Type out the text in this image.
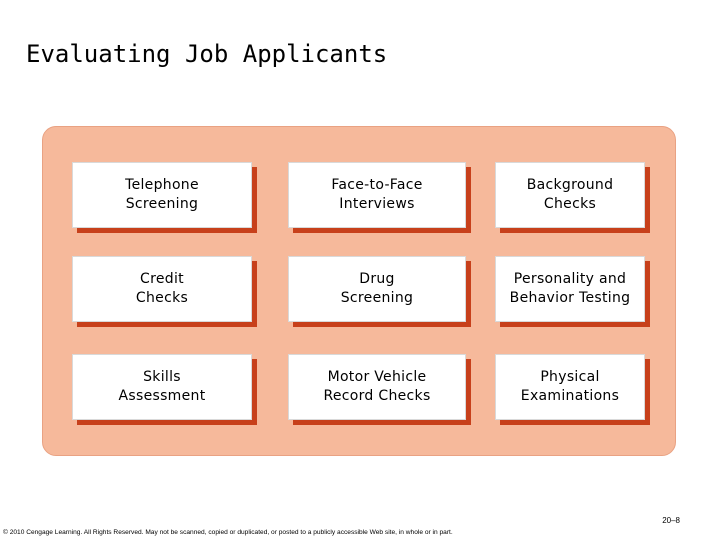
Evaluating Job Applicants
Telephone
Screening
Face-to-Face
Interviews
Background
Checks
Credit
Checks
Drug
Screening
Personality and
Behavior Testing
Skills
Assessment
Motor Vehicle
Record Checks
Physical
Examinations
20–8
© 2010 Cengage Learning. All Rights Reserved. May not be scanned, copied or duplicated, or posted to a publicly accessible Web site, in whole or in part.
